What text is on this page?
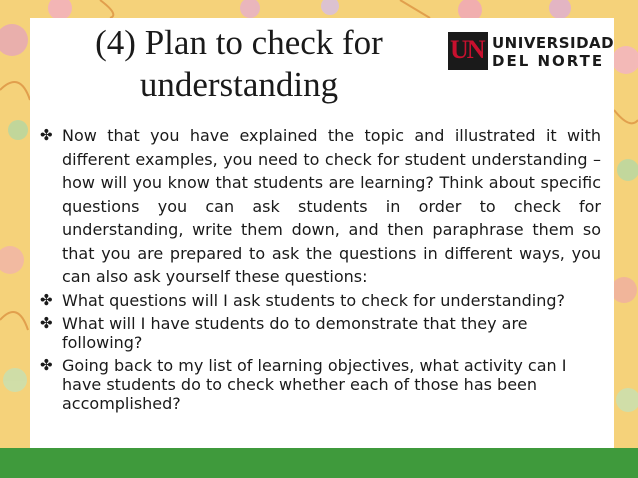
(4) Plan to check for understanding
UN UNIVERSIDAD
DEL NORTE
✤ Now that you have explained the topic and illustrated it with different examples, you need to check for student understanding – how will you know that students are learning? Think about specific questions you can ask students in order to check for understanding, write them down, and then paraphrase them so that you are prepared to ask the questions in different ways, you can also ask yourself these questions:
✤ What questions will I ask students to check for understanding?
✤ What will I have students do to demonstrate that they are following?
✤ Going back to my list of learning objectives, what activity can I have students do to check whether each of those has been accomplished?
